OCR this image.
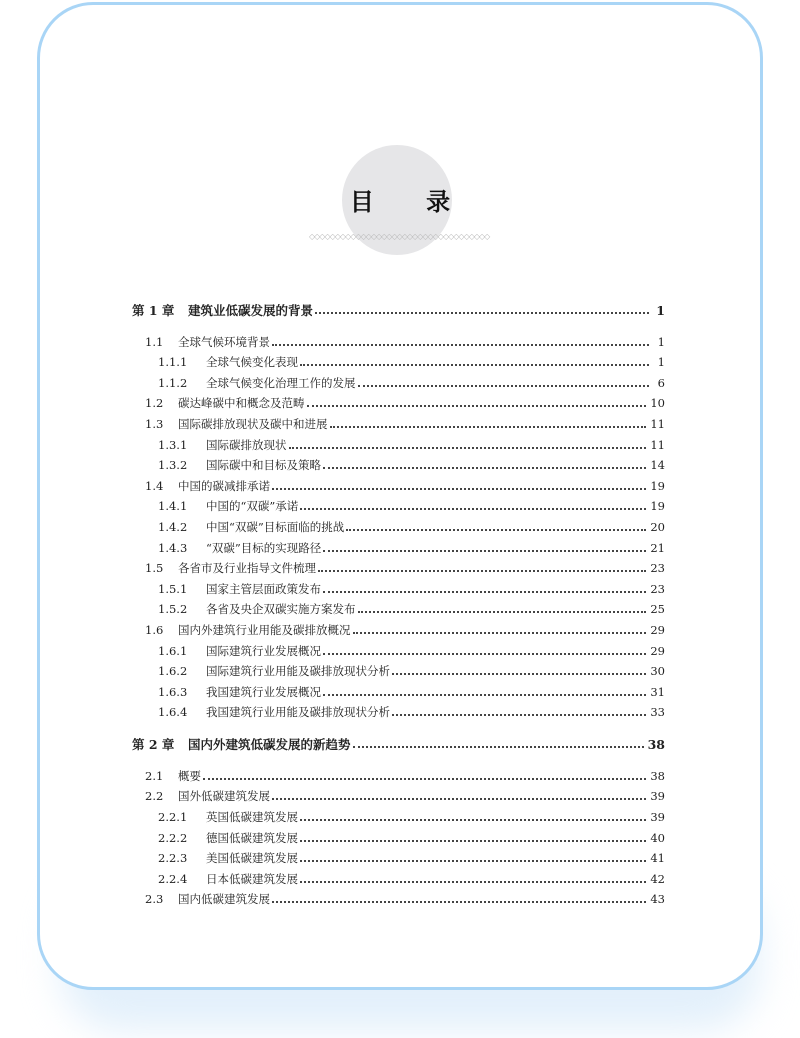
目 录
◇◇◇◇◇◇◇◇◇◇◇◇◇◇◇◇◇◇◇◇◇◇◇◇◇◇◇◇◇◇◇◇◇◇◇
第 1 章	建筑业低碳发展的背景	1
1.1	全球气候环境背景	1
1.1.1	全球气候变化表现	1
1.1.2	全球气候变化治理工作的发展	6
1.2	碳达峰碳中和概念及范畴	10
1.3	国际碳排放现状及碳中和进展	11
1.3.1	国际碳排放现状	11
1.3.2	国际碳中和目标及策略	14
1.4	中国的碳减排承诺	19
1.4.1	中国的“双碳”承诺	19
1.4.2	中国“双碳”目标面临的挑战	20
1.4.3	“双碳”目标的实现路径	21
1.5	各省市及行业指导文件梳理	23
1.5.1	国家主管层面政策发布	23
1.5.2	各省及央企双碳实施方案发布	25
1.6	国内外建筑行业用能及碳排放概况	29
1.6.1	国际建筑行业发展概况	29
1.6.2	国际建筑行业用能及碳排放现状分析	30
1.6.3	我国建筑行业发展概况	31
1.6.4	我国建筑行业用能及碳排放现状分析	33
第 2 章	国内外建筑低碳发展的新趋势	38
2.1	概要	38
2.2	国外低碳建筑发展	39
2.2.1	英国低碳建筑发展	39
2.2.2	德国低碳建筑发展	40
2.2.3	美国低碳建筑发展	41
2.2.4	日本低碳建筑发展	42
2.3	国内低碳建筑发展	43
